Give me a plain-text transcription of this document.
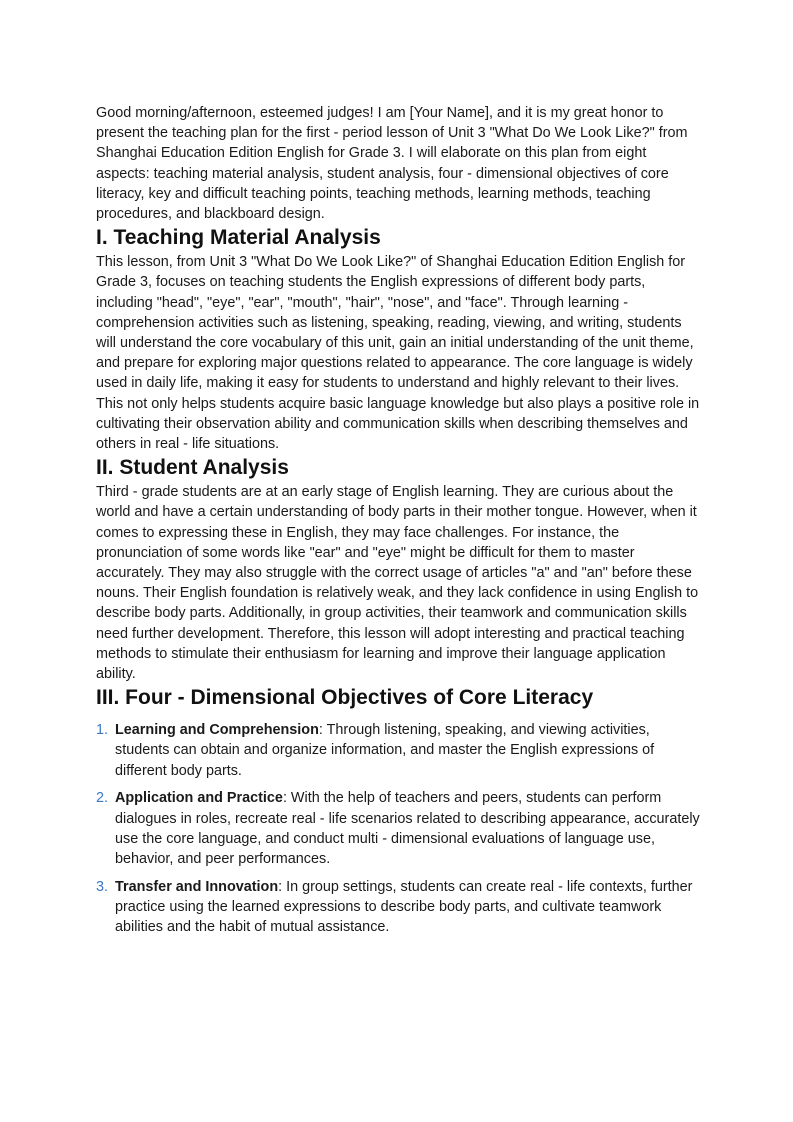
Good morning/afternoon, esteemed judges! I am [Your Name], and it is my great honor to present the teaching plan for the first - period lesson of Unit 3 "What Do We Look Like?" from Shanghai Education Edition English for Grade 3. I will elaborate on this plan from eight aspects: teaching material analysis, student analysis, four - dimensional objectives of core literacy, key and difficult teaching points, teaching methods, learning methods, teaching procedures, and blackboard design.

I. Teaching Material Analysis

This lesson, from Unit 3 "What Do We Look Like?" of Shanghai Education Edition English for Grade 3, focuses on teaching students the English expressions of different body parts, including "head", "eye", "ear", "mouth", "hair", "nose", and "face". Through learning - comprehension activities such as listening, speaking, reading, viewing, and writing, students will understand the core vocabulary of this unit, gain an initial understanding of the unit theme, and prepare for exploring major questions related to appearance. The core language is widely used in daily life, making it easy for students to understand and highly relevant to their lives. This not only helps students acquire basic language knowledge but also plays a positive role in cultivating their observation ability and communication skills when describing themselves and others in real - life situations.

II. Student Analysis

Third - grade students are at an early stage of English learning. They are curious about the world and have a certain understanding of body parts in their mother tongue. However, when it comes to expressing these in English, they may face challenges. For instance, the pronunciation of some words like "ear" and "eye" might be difficult for them to master accurately. They may also struggle with the correct usage of articles "a" and "an" before these nouns. Their English foundation is relatively weak, and they lack confidence in using English to describe body parts. Additionally, in group activities, their teamwork and communication skills need further development. Therefore, this lesson will adopt interesting and practical teaching methods to stimulate their enthusiasm for learning and improve their language application ability.

III. Four - Dimensional Objectives of Core Literacy
1. Learning and Comprehension: Through listening, speaking, and viewing activities, students can obtain and organize information, and master the English expressions of different body parts.
2. Application and Practice: With the help of teachers and peers, students can perform dialogues in roles, recreate real - life scenarios related to describing appearance, accurately use the core language, and conduct multi - dimensional evaluations of language use, behavior, and peer performances.
3. Transfer and Innovation: In group settings, students can create real - life contexts, further practice using the learned expressions to describe body parts, and cultivate teamwork abilities and the habit of mutual assistance.
